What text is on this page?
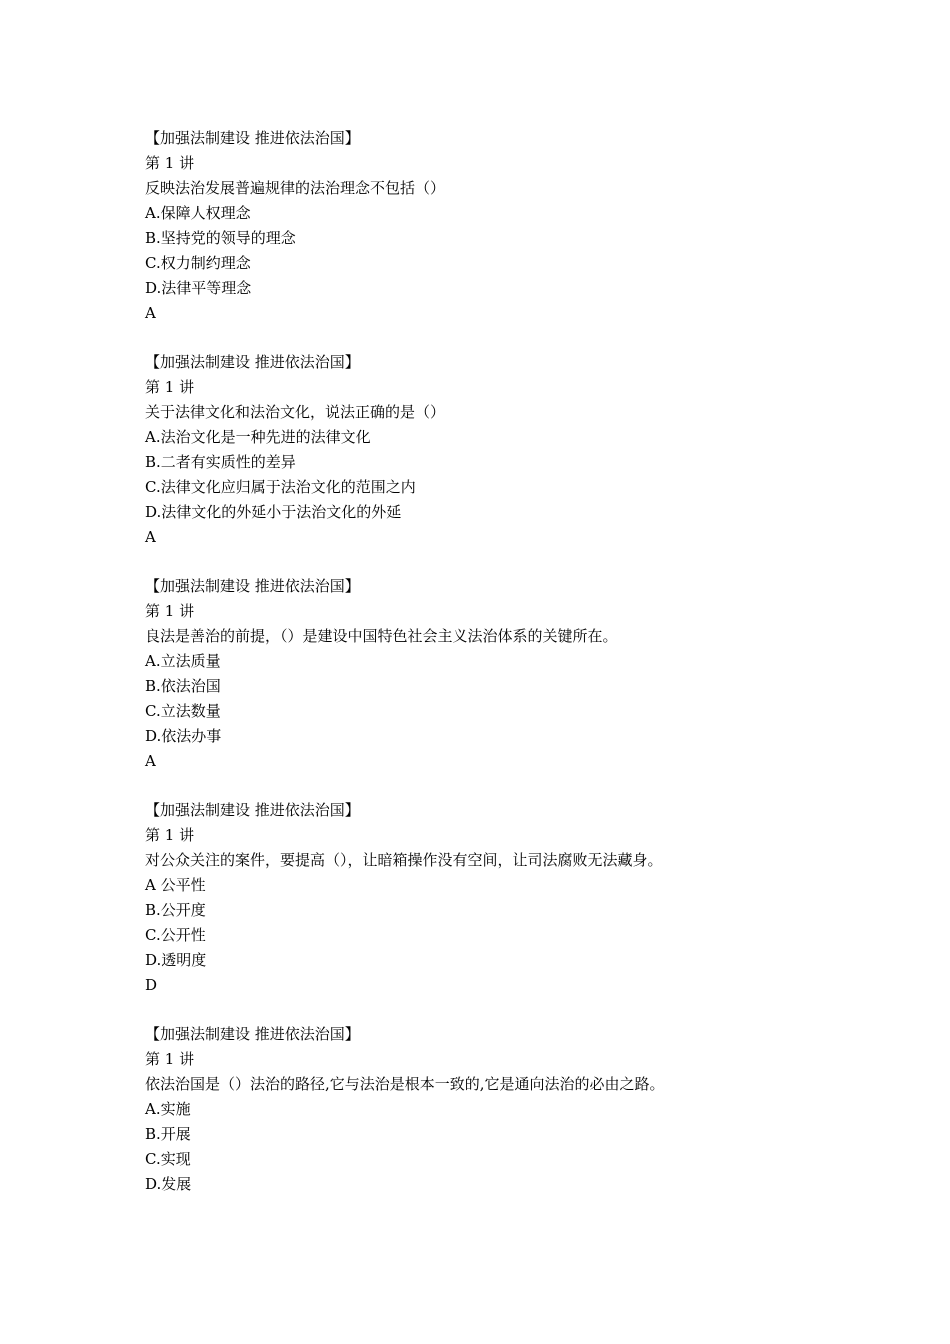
【加强法制建设 推进依法治国】
第 1 讲
反映法治发展普遍规律的法治理念不包括（）
A.保障人权理念
B.坚持党的领导的理念
C.权力制约理念
D.法律平等理念
A
【加强法制建设 推进依法治国】
第 1 讲
关于法律文化和法治文化，说法正确的是（）
A.法治文化是一种先进的法律文化
B.二者有实质性的差异
C.法律文化应归属于法治文化的范围之内
D.法律文化的外延小于法治文化的外延
A
【加强法制建设 推进依法治国】
第 1 讲
良法是善治的前提，（）是建设中国特色社会主义法治体系的关键所在。
A.立法质量
B.依法治国
C.立法数量
D.依法办事
A
【加强法制建设 推进依法治国】
第 1 讲
对公众关注的案件，要提高（），让暗箱操作没有空间，让司法腐败无法藏身。
A 公平性
B.公开度
C.公开性
D.透明度
D
【加强法制建设 推进依法治国】
第 1 讲
依法治国是（）法治的路径,它与法治是根本一致的,它是通向法治的必由之路。
A.实施
B.开展
C.实现
D.发展
